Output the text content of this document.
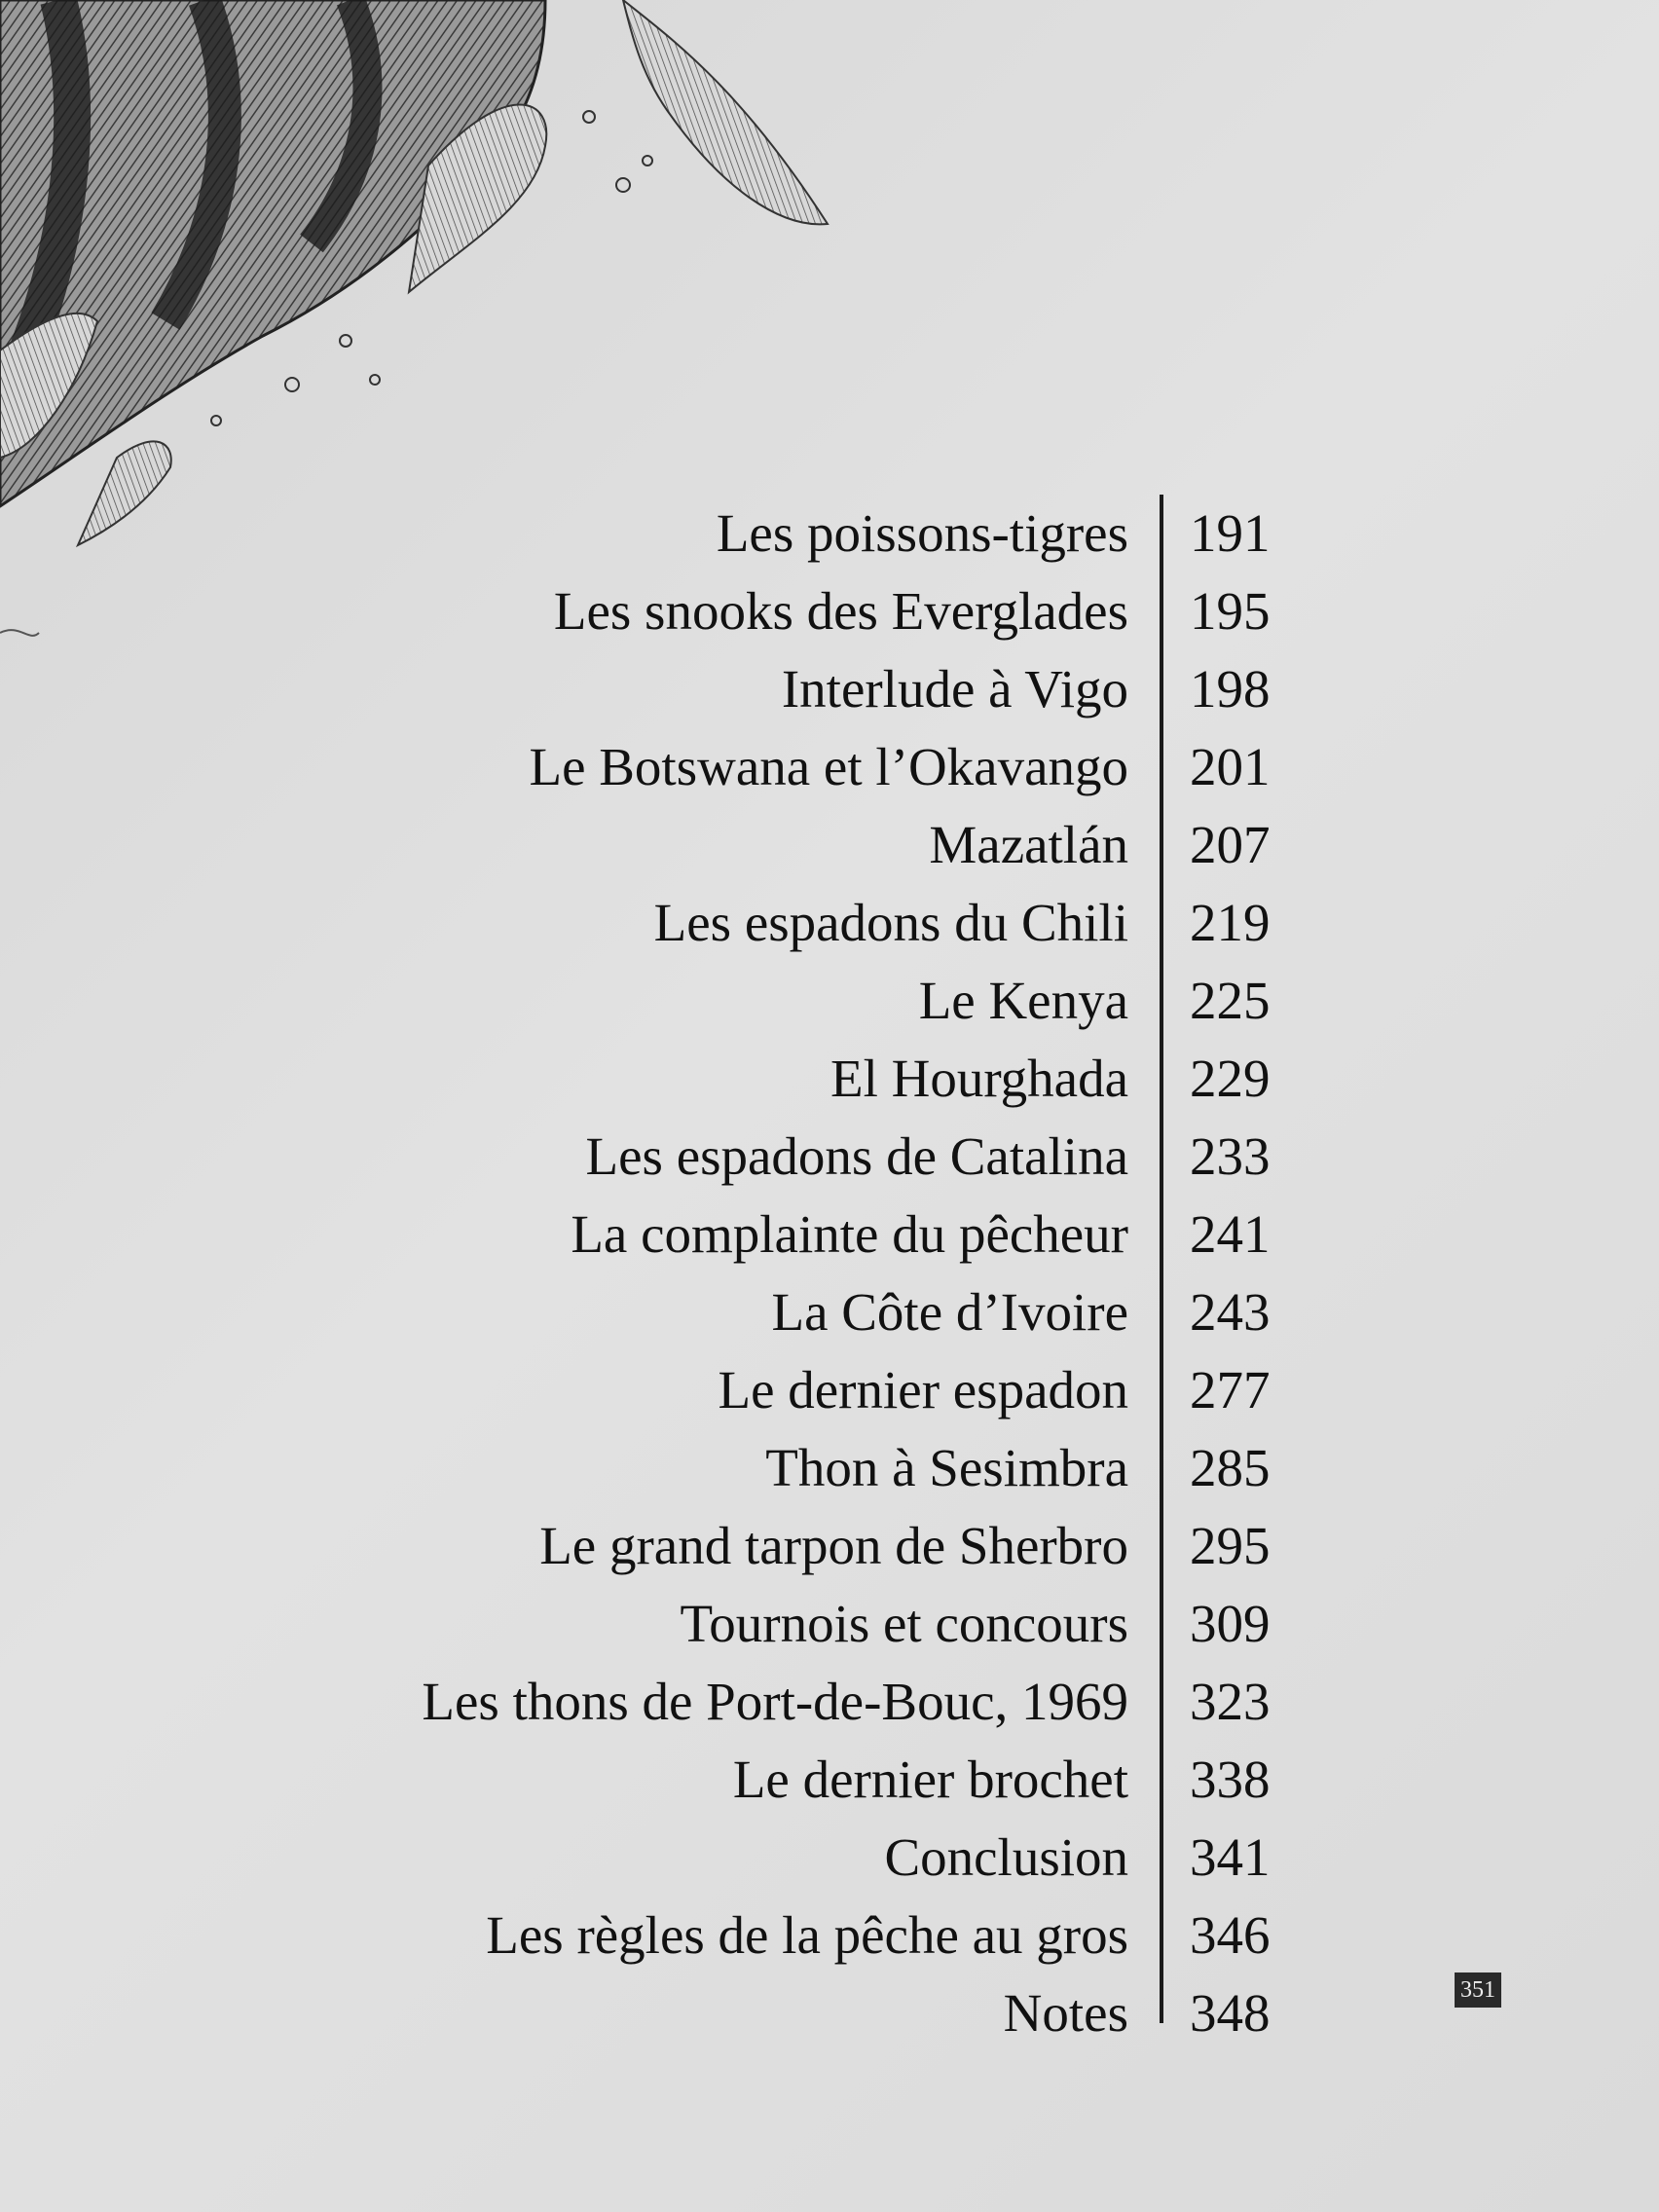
Les poissons-tigres 191
Les snooks des Everglades 195
Interlude à Vigo 198
Le Botswana et l’Okavango 201
Mazatlán 207
Les espadons du Chili 219
Le Kenya 225
El Hourghada 229
Les espadons de Catalina 233
La complainte du pêcheur 241
La Côte d’Ivoire 243
Le dernier espadon 277
Thon à Sesimbra 285
Le grand tarpon de Sherbro 295
Tournois et concours 309
Les thons de Port-de-Bouc, 1969 323
Le dernier brochet 338
Conclusion 341
Les règles de la pêche au gros 346
Notes 348	351
